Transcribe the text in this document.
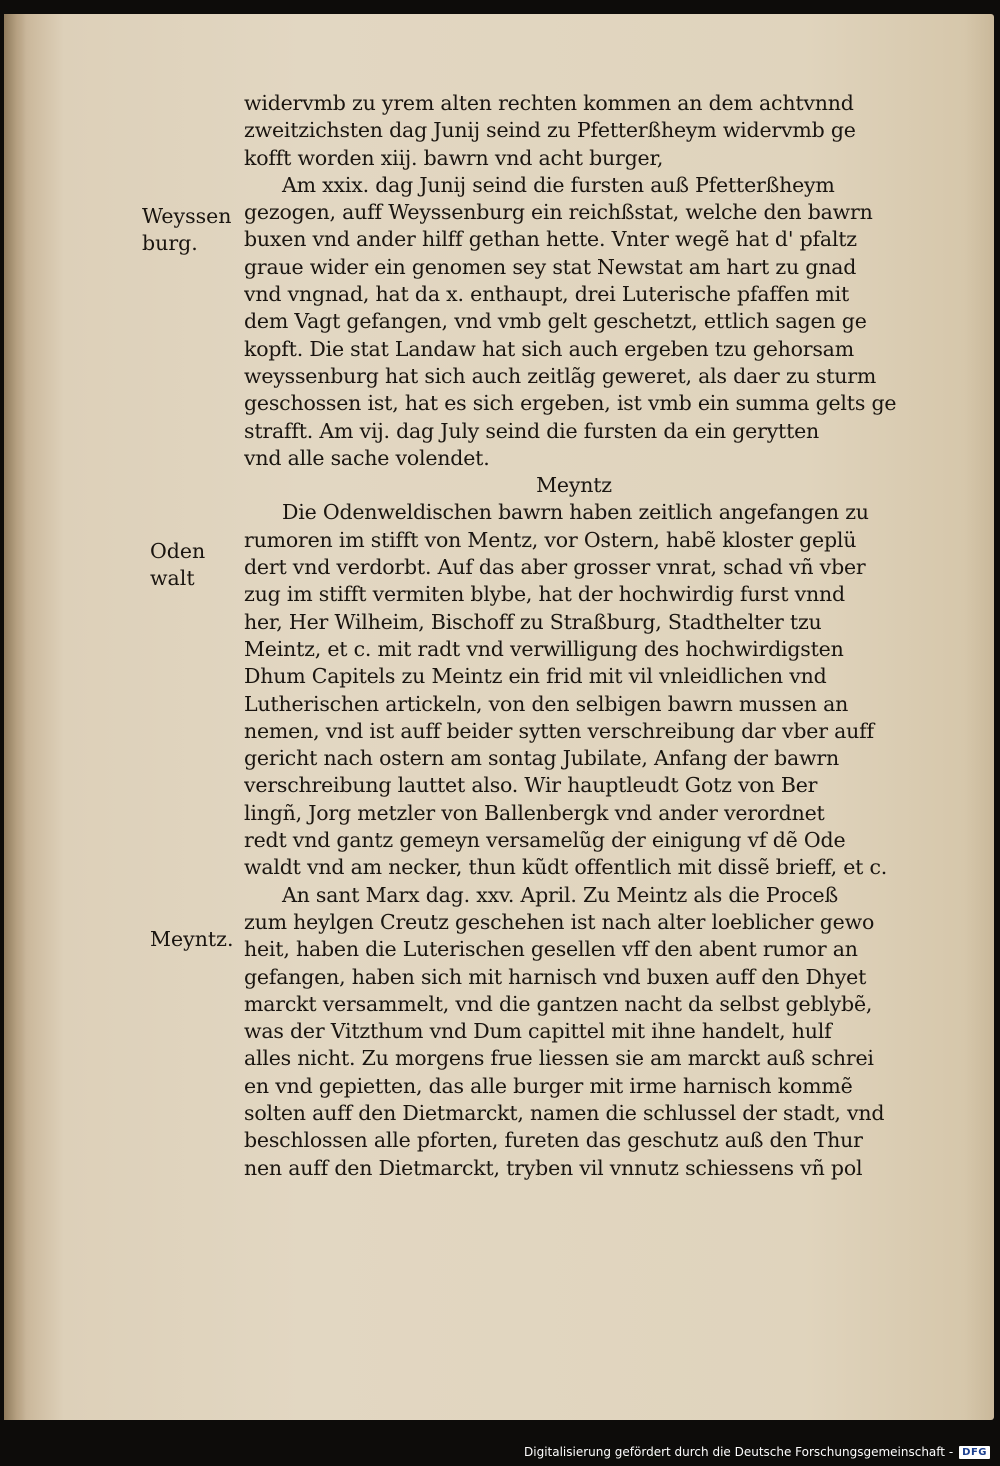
widervmb zu yrem alten rechten kommen an dem achtvnnd
zweitzichsten dag Junij seind zu Pfetterßheym widervmb ge
kofft worden xiij. bawrn vnd acht burger,
Am xxix. dag Junij seind die fursten auß Pfetterßheym
gezogen, auff Weyssenburg ein reichßstat, welche den bawrn
buxen vnd ander hilff gethan hette. Vnter wegẽ hat d' pfaltz
graue wider ein genomen sey stat Newstat am hart zu gnad
vnd vngnad, hat da x. enthaupt, drei Luterische pfaffen mit
dem Vagt gefangen, vnd vmb gelt geschetzt, ettlich sagen ge
kopft. Die stat Landaw hat sich auch ergeben tzu gehorsam
weyssenburg hat sich auch zeitlãg geweret, als daer zu sturm
geschossen ist, hat es sich ergeben, ist vmb ein summa gelts ge
strafft. Am vij. dag July seind die fursten da ein gerytten
vnd alle sache volendet.
Meyntz
Die Odenweldischen bawrn haben zeitlich angefangen zu
rumoren im stifft von Mentz, vor Ostern, habẽ kloster geplü
dert vnd verdorbt. Auf das aber grosser vnrat, schad vñ vber
zug im stifft vermiten blybe, hat der hochwirdig furst vnnd
her, Her Wilheim, Bischoff zu Straßburg, Stadthelter tzu
Meintz, et c. mit radt vnd verwilligung des hochwirdigsten
Dhum Capitels zu Meintz ein frid mit vil vnleidlichen vnd
Lutherischen artickeln, von den selbigen bawrn mussen an
nemen, vnd ist auff beider sytten verschreibung dar vber auff
gericht nach ostern am sontag Jubilate, Anfang der bawrn
verschreibung lauttet also. Wir hauptleudt Gotz von Ber
lingñ, Jorg metzler von Ballenbergk vnd ander verordnet
redt vnd gantz gemeyn versamelũg der einigung vf dẽ Ode
waldt vnd am necker, thun kũdt offentlich mit dissẽ brieff, et c.
An sant Marx dag. xxv. April. Zu Meintz als die Proceß
zum heylgen Creutz geschehen ist nach alter loeblicher gewo
heit, haben die Luterischen gesellen vff den abent rumor an
gefangen, haben sich mit harnisch vnd buxen auff den Dhyet
marckt versammelt, vnd die gantzen nacht da selbst geblybẽ,
was der Vitzthum vnd Dum capittel mit ihne handelt, hulf
alles nicht. Zu morgens frue liessen sie am marckt auß schrei
en vnd gepietten, das alle burger mit irme harnisch kommẽ
solten auff den Dietmarckt, namen die schlussel der stadt, vnd
beschlossen alle pforten, fureten das geschutz auß den Thur
nen auff den Dietmarckt, tryben vil vnnutz schiessens vñ pol
Weyssen burg.
Oden walt
Meyntz.
Digitalisierung gefördert durch die Deutsche Forschungsgemeinschaft - DFG
